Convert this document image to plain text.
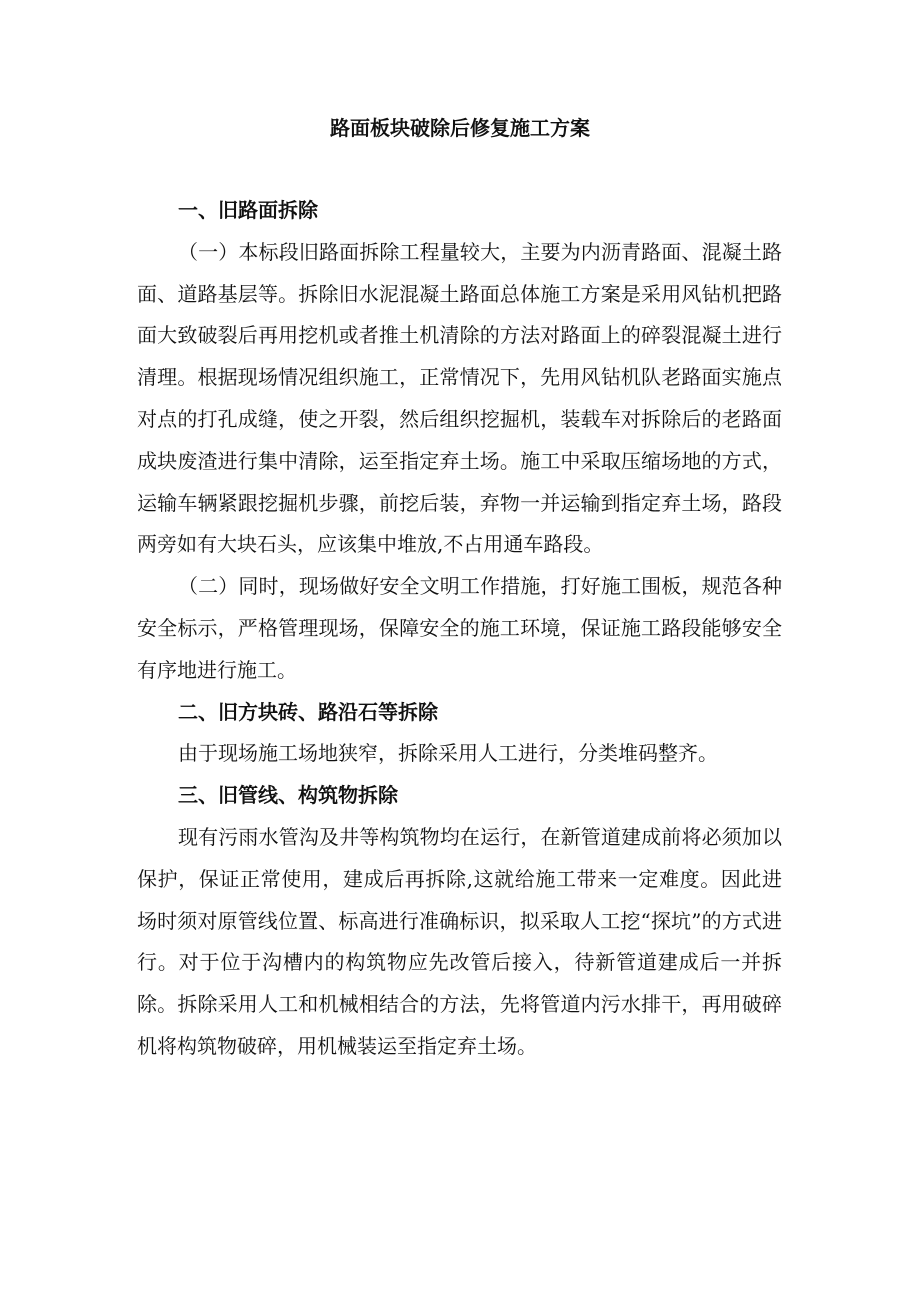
路面板块破除后修复施工方案

一、旧路面拆除

（一）本标段旧路面拆除工程量较大，主要为内沥青路面、混凝土路面、道路基层等。拆除旧水泥混凝土路面总体施工方案是采用风钻机把路面大致破裂后再用挖机或者推土机清除的方法对路面上的碎裂混凝土进行清理。根据现场情况组织施工，正常情况下，先用风钻机队老路面实施点对点的打孔成缝，使之开裂，然后组织挖掘机，装载车对拆除后的老路面成块废渣进行集中清除，运至指定弃土场。施工中采取压缩场地的方式，运输车辆紧跟挖掘机步骤，前挖后装，弃物一并运输到指定弃土场，路段两旁如有大块石头，应该集中堆放,不占用通车路段。

（二）同时，现场做好安全文明工作措施，打好施工围板，规范各种安全标示，严格管理现场，保障安全的施工环境，保证施工路段能够安全有序地进行施工。

二、旧方块砖、路沿石等拆除

由于现场施工场地狭窄，拆除采用人工进行，分类堆码整齐。

三、旧管线、构筑物拆除

现有污雨水管沟及井等构筑物均在运行，在新管道建成前将必须加以保护，保证正常使用，建成后再拆除,这就给施工带来一定难度。因此进场时须对原管线位置、标高进行准确标识，拟采取人工挖“探坑”的方式进行。对于位于沟槽内的构筑物应先改管后接入，待新管道建成后一并拆除。拆除采用人工和机械相结合的方法，先将管道内污水排干，再用破碎机将构筑物破碎，用机械装运至指定弃土场。
